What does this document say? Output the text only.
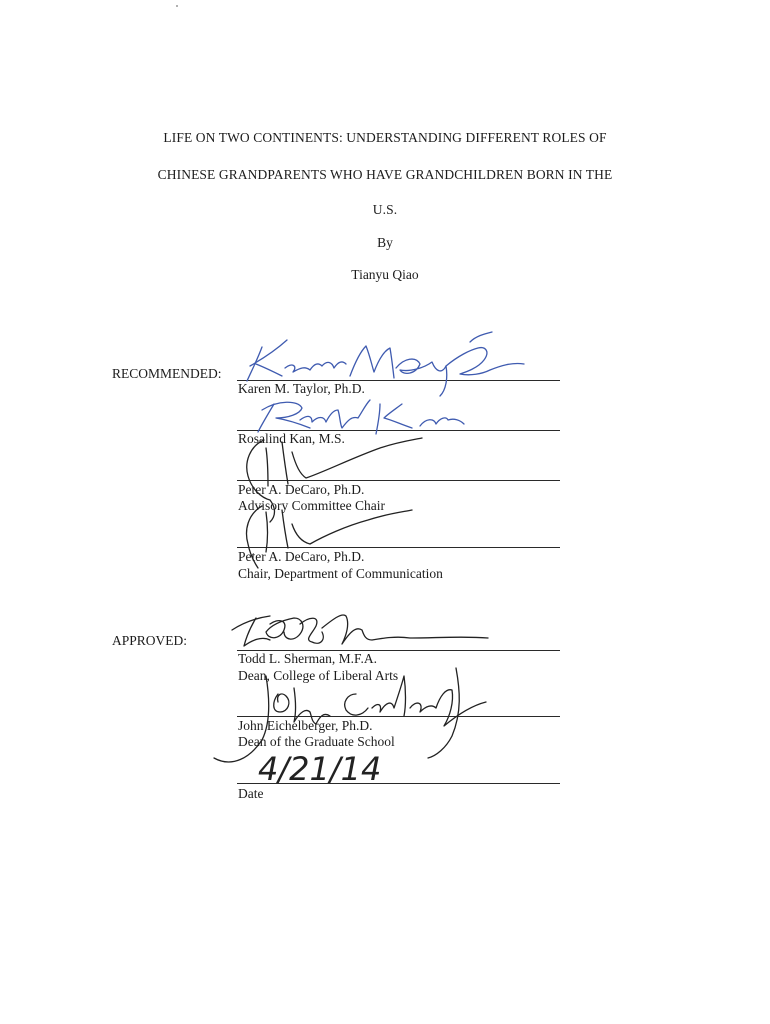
LIFE ON TWO CONTINENTS: UNDERSTANDING DIFFERENT ROLES OF
CHINESE GRANDPARENTS WHO HAVE GRANDCHILDREN BORN IN THE
U.S.
By
Tianyu Qiao
RECOMMENDED:
Karen M. Taylor, Ph.D.
Rosalind Kan, M.S.
Peter A. DeCaro, Ph.D.
Advisory Committee Chair
Peter A. DeCaro, Ph.D.
Chair, Department of Communication
APPROVED:
Todd L. Sherman, M.F.A.
Dean, College of Liberal Arts
John Eichelberger, Ph.D.
Dean of the Graduate School
Date
4/21/14
